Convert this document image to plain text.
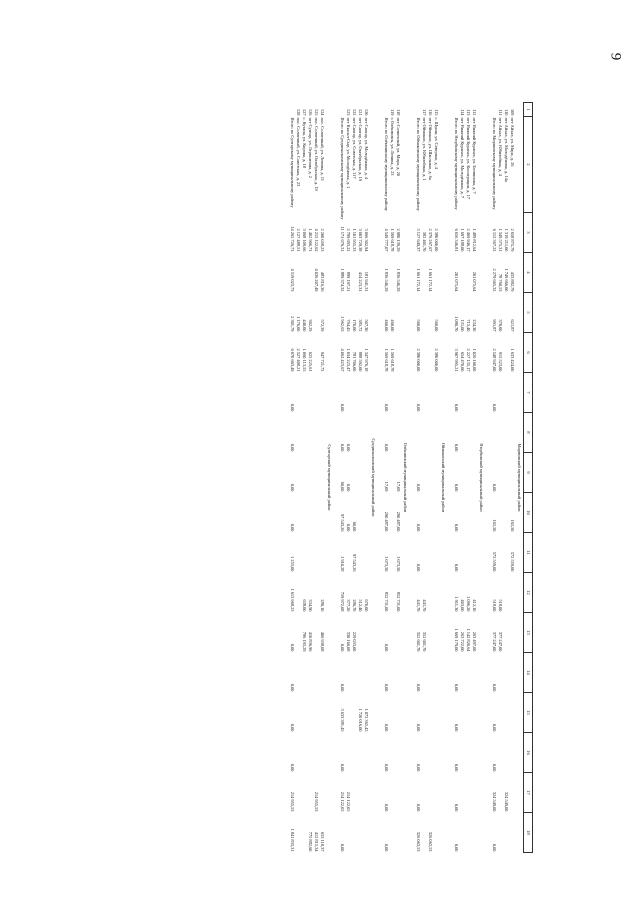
9
1	2	3	4	5	6	7	8	9	10	11	12	13	14	15	16	17	18
Мирнинский муниципальный район																	
109	пгт Айхал, ул. Мира, д. 26	2 658 875,79	433 882,79	621,87	1 633 424,00				165,50	572 559,00							
110	пгт Айхал, ул. Молодёжная, д. 14а	1 319 211,00	1 749 666,00													324 549,00	
111	пгт Айхал, ул. Юбилейная, д. 4	1 349 575,31	78 760,53	370,00	915 523,00						518,00	377 247,00					
	Итого по Мирнинскому муниципальному району	6 112 367,22	2 279 665,32	991,87	2 548 947,00	0,00		0,00	165,50	572 559,00	518,00	377 247,00	0,00	0,00	0,00	324 549,00	0,00

Нюрбинский муниципальный район																	
112	пгт Нижний Куранах, ул. Ботвинова, д. 7	1 489 812,64	201 075,64	234,30	1 026 160,00						412,10	263 497,00					
113	пгт Нижний Куранах, ул. Кооперации, д. 17	2 469 946,17		715,40	2 227 135,17						1 096,20	1 142 820,64					
114	пгт Нижний Куранах, ул. Молодёжная, д. 7	1 697 188,00		131,00	654 470,00						403,00	263 722,00					
	Итого по Нюрбинскому муниципальному району	6 656 346,81	201 075,64	1 080,70	3 907 995,21	0,00	0,00	0,00	0,00	0,00	1 911,30	1 669 179,00	0,00	0,00	0,00	0,00	0,00

Оймяконский муниципальный район																	
115	с. Шуиш, ул. Северная, д. 4	2 380 000,00		560,00	2 380 000,00												
116	пгт Оймякон, ул. Школьная, д. 6а	2 376 267,67	1 661 172,14														326 063,53
117	пгт Оймякон, ул. Юбилейная, д. 1	382 401,70									441,70	352 601,70					
	Итого по Оймяконскому муниципальному району	5 127 649,37	1 661 172,14	560,00	2 380 000,00	0,00		0,00	0,00	0,00	441,70	352 601,70	0,00	0,00	0,00	0,00	326 063,53

Олёкминский муниципальный район																	
118	пгт Солнечный, ул. Мира, д. 20	2 980 139,29	1 836 546,29					17,09	290 487,00	1 073,50	852 731,00						
119	г. Олёкминск, ул. Ленина, д. 23	1 569 618,78		460,00	1 569 618,78												
	Итого по Олёкминскому муниципальному району	4 549 777,07	1 836 546,29	460,00	1 569 618,78	0,00	0,00	17,09	290 487,00	1 073,50	852 731,00	0,00	0,00	0,00	0,00	0,00	0,00

Среднеколымский муниципальный район																	
120	пгт Сангар, ул. Молодёжная, д. 4	3 066 302,94	181 941,31	507,30	1 347 976,18						670,00			1 072 365,45			
121	пгт Сангар, ул. Октябрьская, д. 19	3 003 729,38	414 223,31	385,72	888 592,00						512,40			1 720 016,00			
122	пгт Сангар, ул. Советская, д. 117	1 101 955,33		170,00	781 706,00				60,00	97 543,26	286,70	229 033,00					
123	пгт Кысыл-Сыр, ул. Молодёжная, д. 1	2 799 693,22	899 197,21	794,45	1 034 223,47		0,00	0,00	0,00		377,20	330 166,08				214 122,05	
	Итого по Среднеколымскому муниципальному району	11 171 676,31	1 889 374,32	1 962,63	4 062 423,67	0,00	0,00	60,00	97 543,26	1 910,28	759 972,08	0,00	0,00	3 633 381,45	0,00	214 122,05	0,00

Сунтарский муниципальный район																	
124	пос. Солнечный, ул. Ленина, д. 11	2 200 058,23	483 816,36	572,39	947 721,72						280,10	406 938,08					653 118,37
125	пос. Солнечный, ул. Октябрьская, д. 19	4 215 122,62	4 036 207,49													214 955,53	412 815,34
126	пгт Сунтар, ул. Лермонтова, д. 2	1 402 906,71		302,29	625 225,61						334,90	410 836,96					775 882,60
127	с. Кутана, ул. Кирова, д. 18	3 068 109,66		440,00	1 060 113,55						638,00	796 193,29					
128	пос. Солнечный, ул. Советская, д. 23	2 127 488,51		1 176,00	2 527 408,21												
	Итого по Сунтарскому муниципальному району	14 265 726,71	4 519 023,73	2 301,79	6 070 603,49	0,00	0,00	0,00	0,00	1 253,00	1 613 968,23	0,00	0,00	0,00	0,00	214 955,53	1 841 833,31
